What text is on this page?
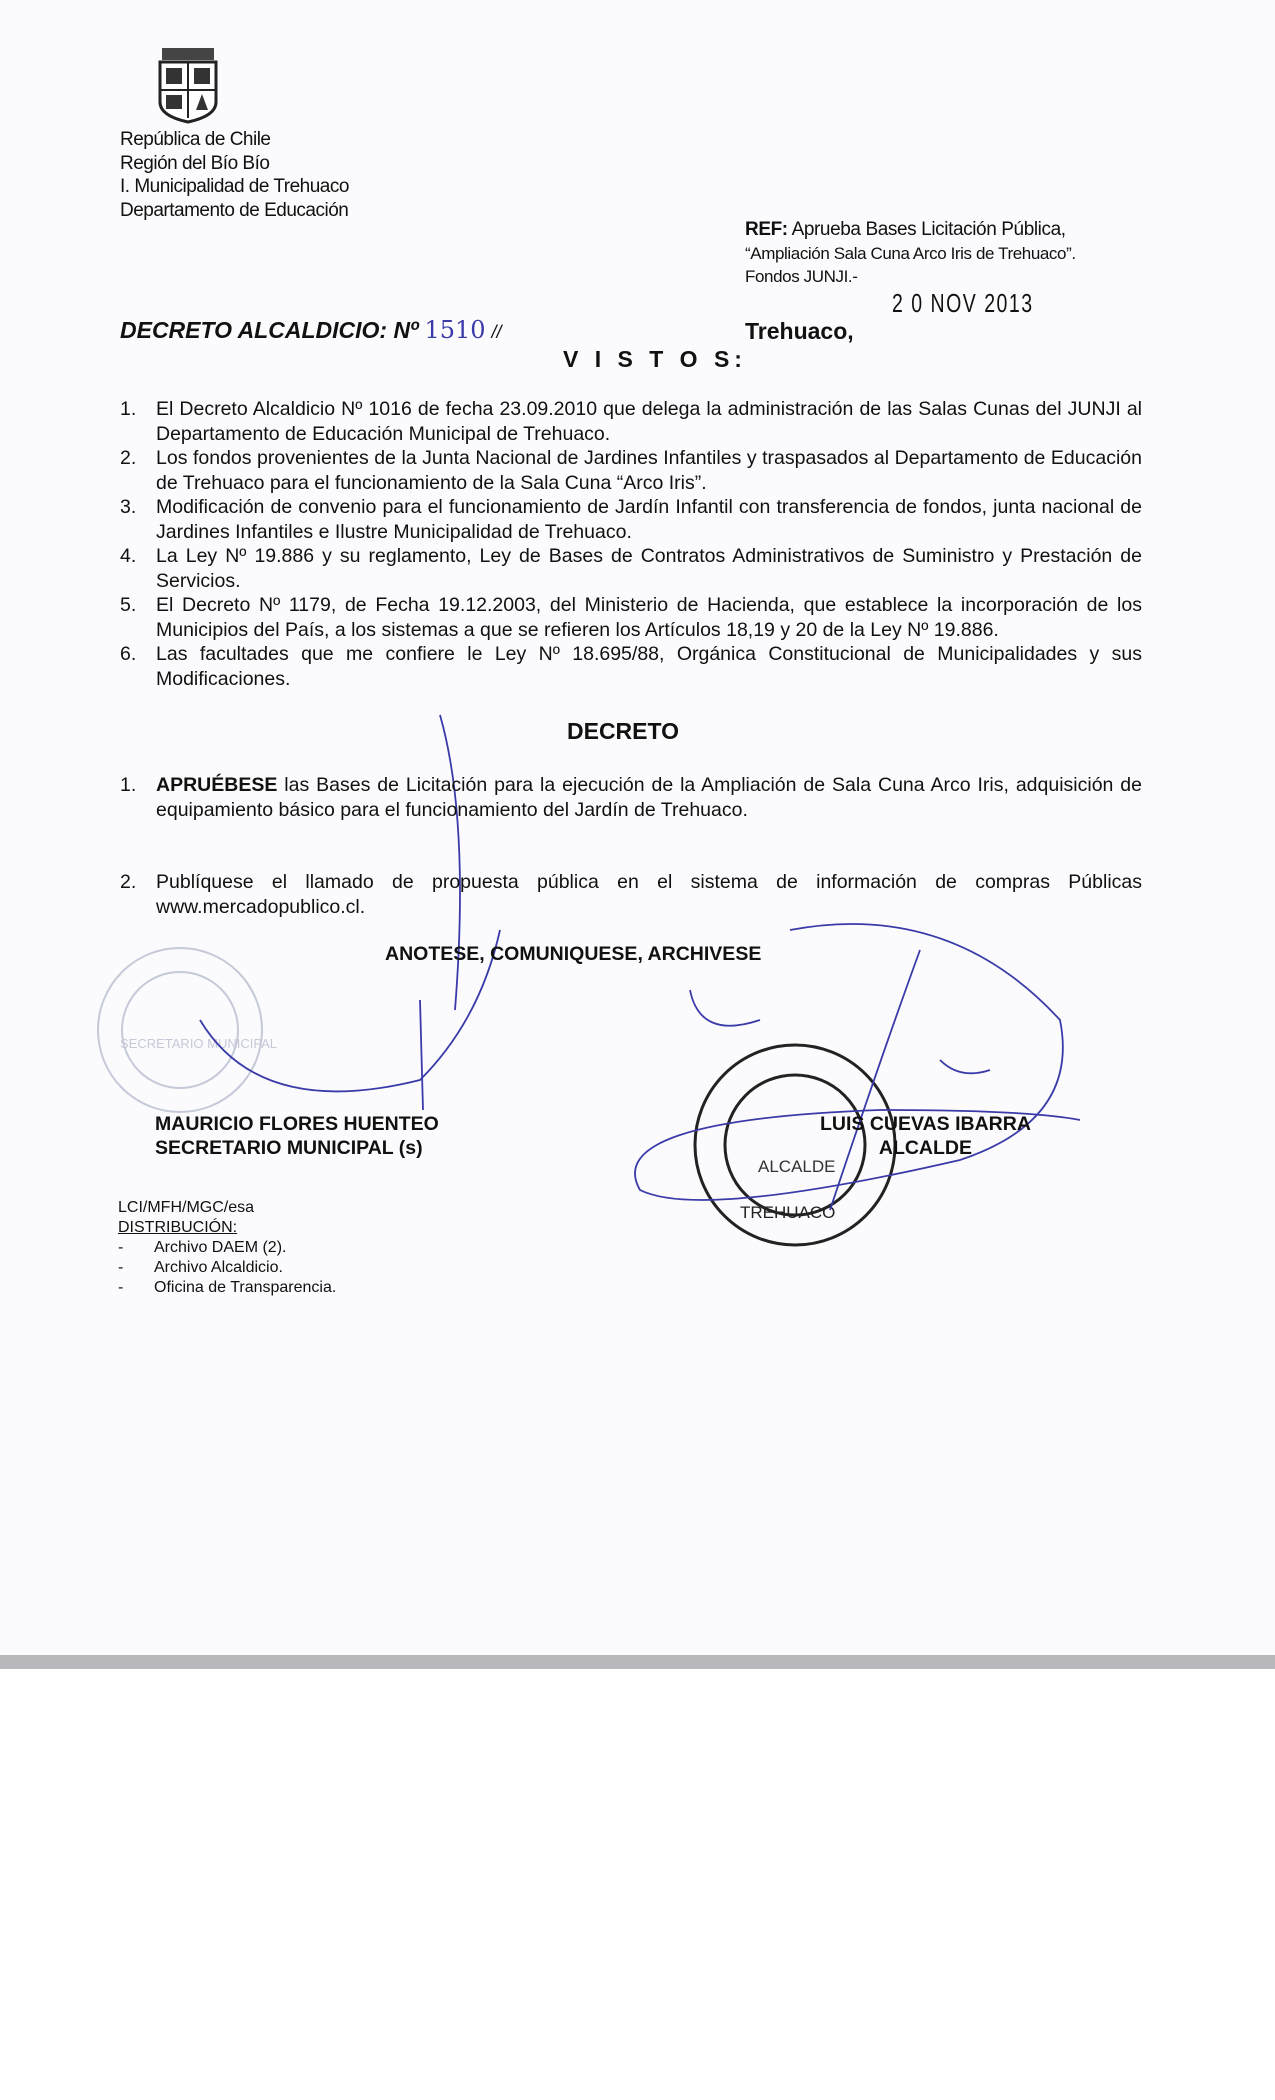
SECRETARIO MUNICIPAL
ALCALDE
TREHUACO
República de Chile
Región del Bío Bío
I. Municipalidad de Trehuaco
Departamento de Educación
REF: Aprueba Bases Licitación Pública,
“Ampliación Sala Cuna Arco Iris de Trehuaco”.
Fondos JUNJI.-
2 0 NOV 2013
DECRETO ALCALDICIO: Nº 1510 //	Trehuaco,
V I S T O S:
1. El Decreto Alcaldicio Nº 1016 de fecha 23.09.2010 que delega la administración de las Salas Cunas del JUNJI al Departamento de Educación Municipal de Trehuaco.
2. Los fondos provenientes de la Junta Nacional de Jardines Infantiles y traspasados al Departamento de Educación de Trehuaco para el funcionamiento de la Sala Cuna “Arco Iris”.
3. Modificación de convenio para el funcionamiento de Jardín Infantil con transferencia de fondos, junta nacional de Jardines Infantiles e Ilustre Municipalidad de Trehuaco.
4. La Ley Nº 19.886 y su reglamento, Ley de Bases de Contratos Administrativos de Suministro y Prestación de Servicios.
5. El Decreto Nº 1179, de Fecha 19.12.2003, del Ministerio de Hacienda, que establece la incorporación de los Municipios del País, a los sistemas a que se refieren los Artículos 18,19 y 20 de la Ley Nº 19.886.
6. Las facultades que me confiere le Ley Nº 18.695/88, Orgánica Constitucional de Municipalidades y sus Modificaciones.
DECRETO
1. APRUÉBESE las Bases de Licitación para la ejecución de la Ampliación de Sala Cuna Arco Iris, adquisición de equipamiento básico para el funcionamiento del Jardín de Trehuaco.
2. Publíquese el llamado de propuesta pública en el sistema de información de compras Públicas www.mercadopublico.cl.
ANOTESE, COMUNIQUESE, ARCHIVESE
MAURICIO FLORES HUENTEO
SECRETARIO MUNICIPAL (s)
LUIS CUEVAS IBARRA
ALCALDE
LCI/MFH/MGC/esa
DISTRIBUCIÓN:
- Archivo DAEM (2).
- Archivo Alcaldicio.
- Oficina de Transparencia.
